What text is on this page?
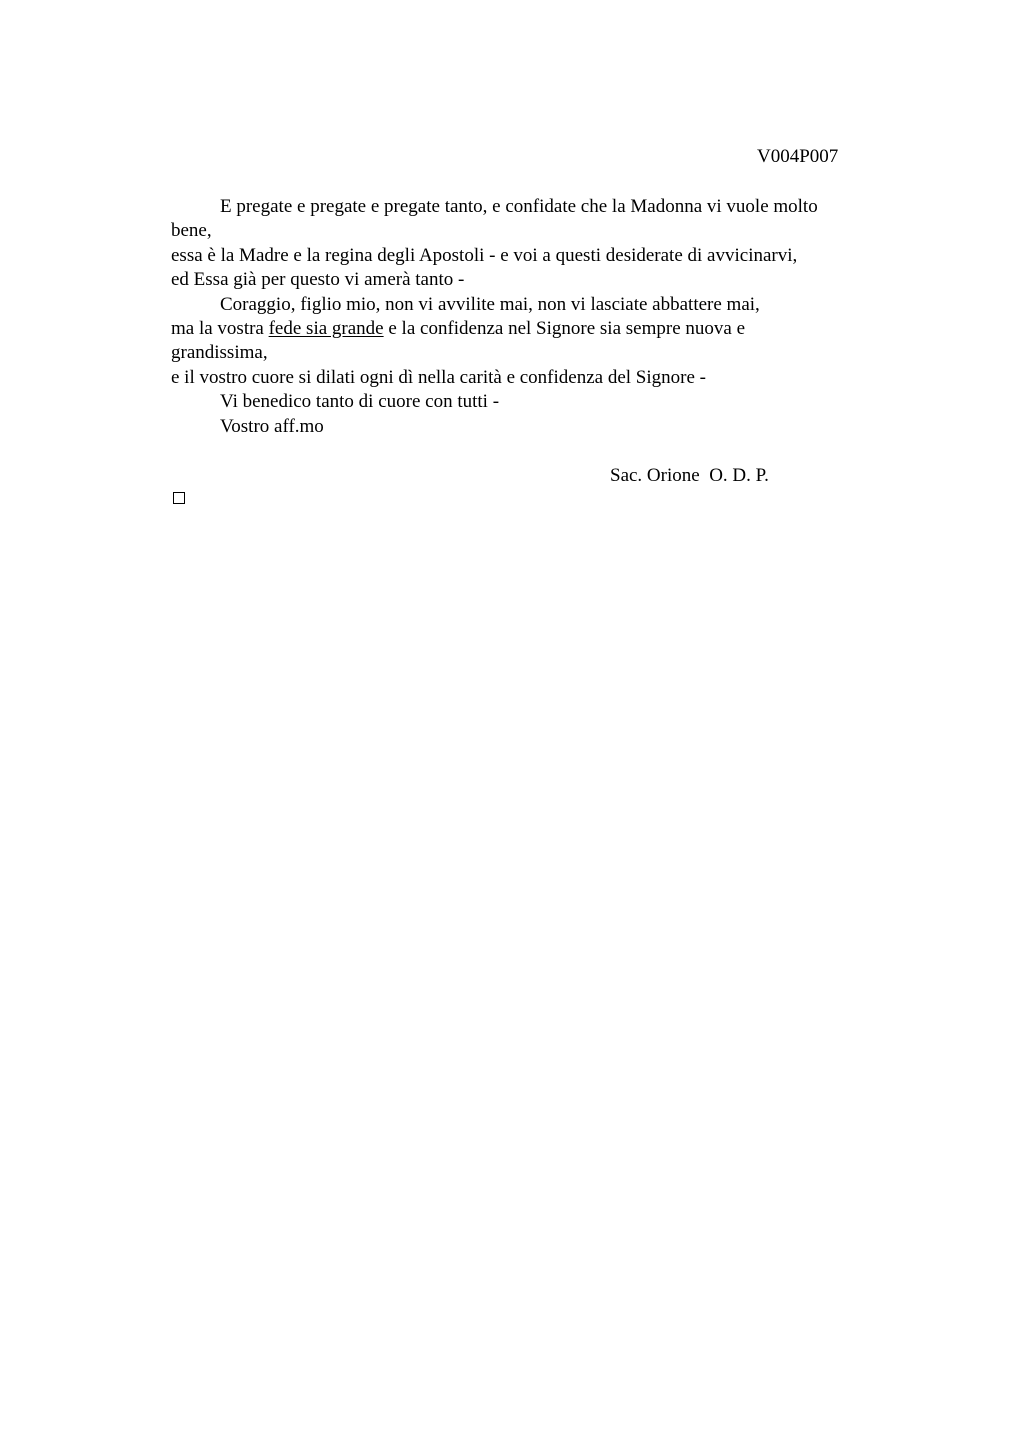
V004P007
E pregate e pregate e pregate tanto, e confidate che la Madonna vi vuole molto
bene,
essa è la Madre e la regina degli Apostoli - e voi a questi desiderate di avvicinarvi,
ed Essa già per questo vi amerà tanto -
Coraggio, figlio mio, non vi avvilite mai, non vi lasciate abbattere mai,
ma la vostra fede sia grande e la confidenza nel Signore sia sempre nuova e
grandissima,
e il vostro cuore si dilati ogni dì nella carità e confidenza del Signore -
Vi benedico tanto di cuore con tutti -
Vostro aff.mo
Sac. Orione  O. D. P.
